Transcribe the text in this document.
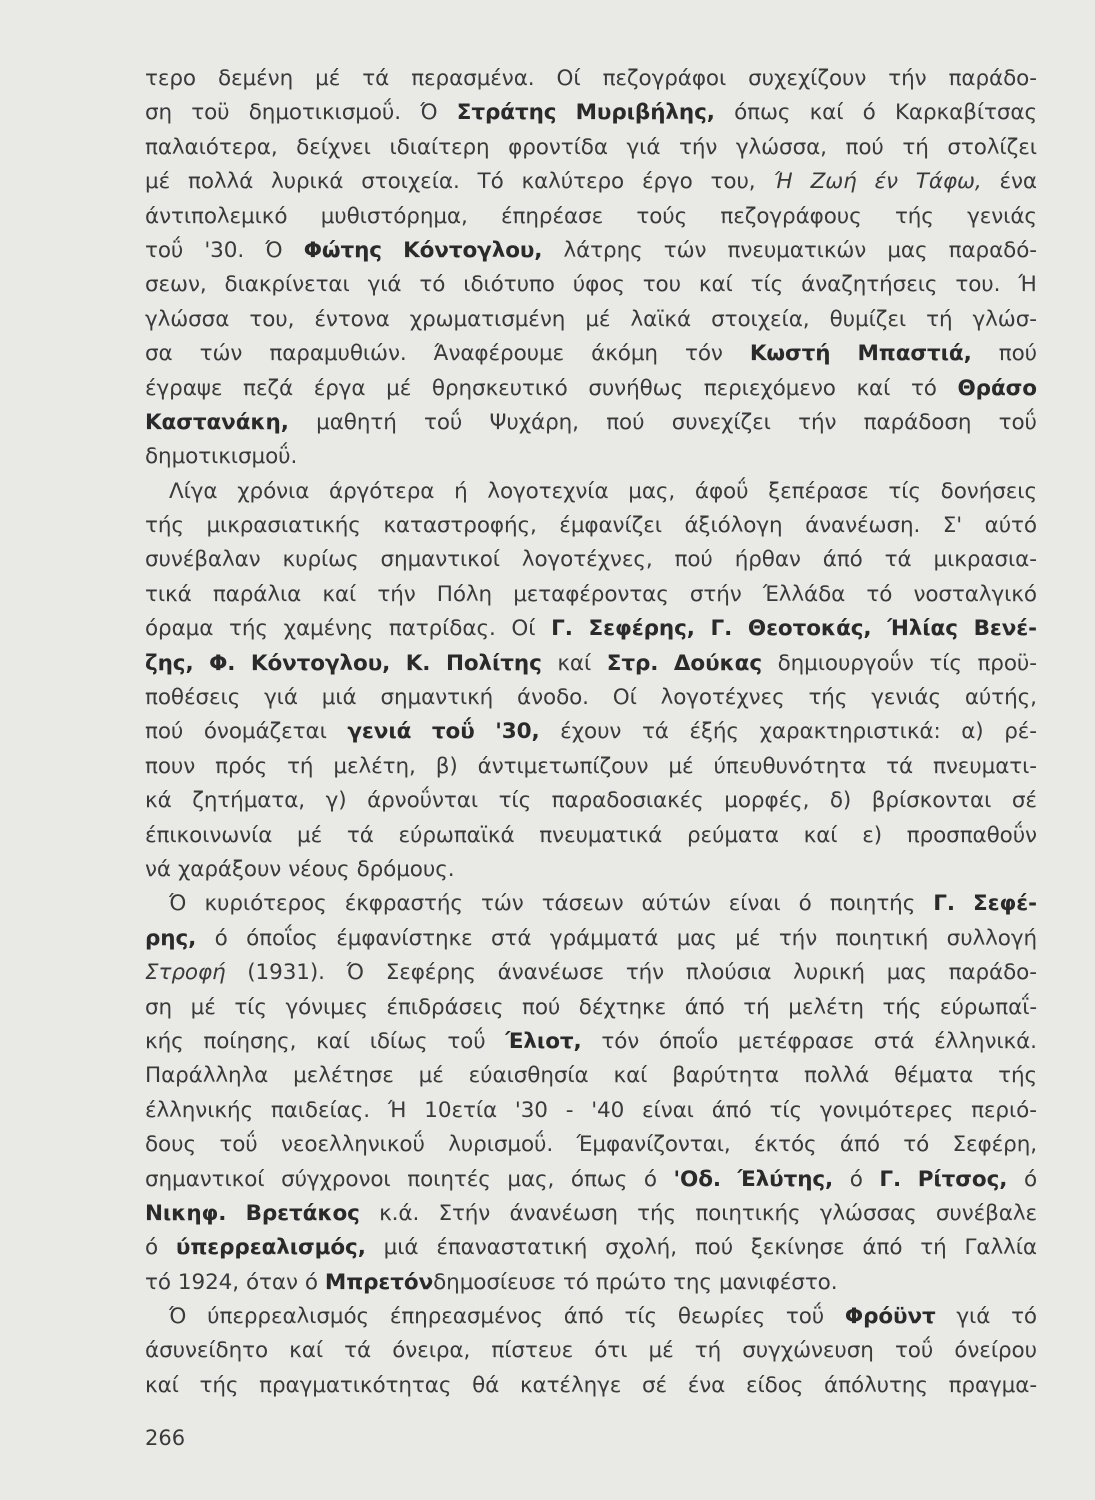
τερο δεμένη μέ τά περασμένα. Οί πεζογράφοι συχεχίζουν τήν παράδο-
ση τοϋ δημοτικισμοΰ. Ό Στράτης Μυριβήλης, όπως καί ό Καρκαβίτσας
παλαιότερα, δείχνει ιδιαίτερη φροντίδα γιά τήν γλώσσα, πού τή στολίζει
μέ πολλά λυρικά στοιχεία. Τό καλύτερο έργο του, Ή Ζωή έν Τάφω, ένα
άντιπολεμικό μυθιστόρημα, έπηρέασε τούς πεζογράφους τής γενιάς
τοΰ '30. Ό Φώτης Κόντογλου, λάτρης τών πνευματικών μας παραδό-
σεων, διακρίνεται γιά τό ιδιότυπο ύφος του καί τίς άναζητήσεις του. Ή
γλώσσα του, έντονα χρωματισμένη μέ λαϊκά στοιχεία, θυμίζει τή γλώσ-
σα τών παραμυθιών. Άναφέρουμε άκόμη τόν Κωστή Μπαστιά, πού
έγραψε πεζά έργα μέ θρησκευτικό συνήθως περιεχόμενο καί τό Θράσο
Καστανάκη, μαθητή τοΰ Ψυχάρη, πού συνεχίζει τήν παράδοση τοΰ
δημοτικισμοΰ.
Λίγα χρόνια άργότερα ή λογοτεχνία μας, άφοΰ ξεπέρασε τίς δονήσεις
τής μικρασιατικής καταστροφής, έμφανίζει άξιόλογη άνανέωση. Σ' αύτό
συνέβαλαν κυρίως σημαντικοί λογοτέχνες, πού ήρθαν άπό τά μικρασια-
τικά παράλια καί τήν Πόλη μεταφέροντας στήν Έλλάδα τό νοσταλγικό
όραμα τής χαμένης πατρίδας. Οί Γ. Σεφέρης, Γ. Θεοτοκάς, Ήλίας Βενέ-
ζης, Φ. Κόντογλου, Κ. Πολίτης καί Στρ. Δούκας δημιουργοΰν τίς προϋ-
ποθέσεις γιά μιά σημαντική άνοδο. Οί λογοτέχνες τής γενιάς αύτής,
πού όνομάζεται γενιά τοΰ '30, έχουν τά έξής χαρακτηριστικά: α) ρέ-
πουν πρός τή μελέτη, β) άντιμετωπίζουν μέ ύπευθυνότητα τά πνευματι-
κά ζητήματα, γ) άρνοΰνται τίς παραδοσιακές μορφές, δ) βρίσκονται σέ
έπικοινωνία μέ τά εύρωπαϊκά πνευματικά ρεύματα καί ε) προσπαθοΰν
νά χαράξουν νέους δρόμους.
Ό κυριότερος έκφραστής τών τάσεων αύτών είναι ό ποιητής Γ. Σεφέ-
ρης, ό όποΐος έμφανίστηκε στά γράμματά μας μέ τήν ποιητική συλλογή
Στροφή (1931). Ό Σεφέρης άνανέωσε τήν πλούσια λυρική μας παράδο-
ση μέ τίς γόνιμες έπιδράσεις πού δέχτηκε άπό τή μελέτη τής εύρωπαΐ-
κής ποίησης, καί ιδίως τοΰ Έλιοτ, τόν όποΐο μετέφρασε στά έλληνικά.
Παράλληλα μελέτησε μέ εύαισθησία καί βαρύτητα πολλά θέματα τής
έλληνικής παιδείας. Ή 10ετία '30 - '40 είναι άπό τίς γονιμότερες περιό-
δους τοΰ νεοελληνικοΰ λυρισμοΰ. Έμφανίζονται, έκτός άπό τό Σεφέρη,
σημαντικοί σύγχρονοι ποιητές μας, όπως ό 'Οδ. Έλύτης, ό Γ. Ρίτσος, ό
Νικηφ. Βρετάκος κ.ά. Στήν άνανέωση τής ποιητικής γλώσσας συνέβαλε
ό ύπερρεαλισμός, μιά έπαναστατική σχολή, πού ξεκίνησε άπό τή Γαλλία
τό 1924, όταν ό Μπρετόν δημοσίευσε τό πρώτο της μανιφέστο.
Ό ύπερρεαλισμός έπηρεασμένος άπό τίς θεωρίες τοΰ Φρόϋντ γιά τό
άσυνείδητο καί τά όνειρα, πίστευε ότι μέ τή συγχώνευση τοΰ όνείρου
καί τής πραγματικότητας θά κατέληγε σέ ένα είδος άπόλυτης πραγμα-
266
